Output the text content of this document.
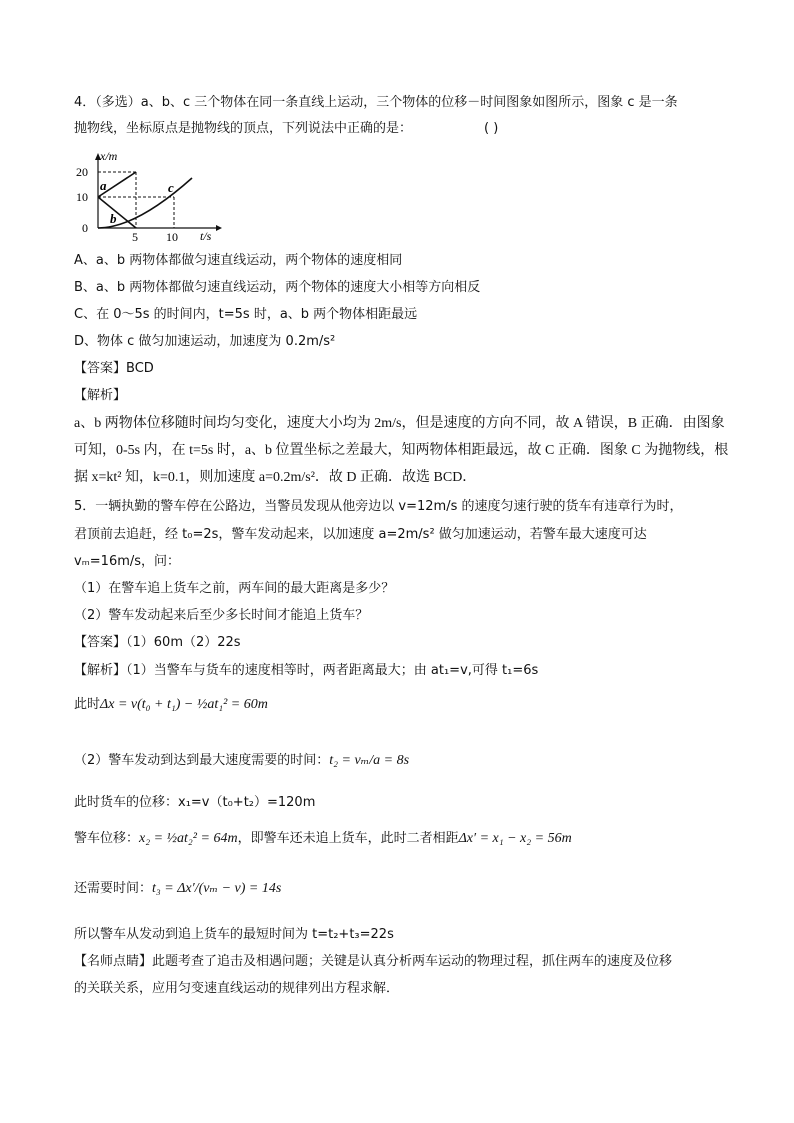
4．（多选）a、b、c 三个物体在同一条直线上运动，三个物体的位移－时间图象如图所示，图象 c 是一条
抛物线，坐标原点是抛物线的顶点，下列说法中正确的是：	( )
x/m
t/s
20
10
0
5 10
a
b
c
A、a、b 两物体都做匀速直线运动，两个物体的速度相同
B、a、b 两物体都做匀速直线运动，两个物体的速度大小相等方向相反
C、在 0～5s 的时间内，t=5s 时，a、b 两个物体相距最远
D、物体 c 做匀加速运动，加速度为 0.2m/s²
【答案】BCD
【解析】
a、b 两物体位移随时间均匀变化，速度大小均为 2m/s，但是速度的方向不同，故 A 错误，B 正确．由图象
可知，0-5s 内，在 t=5s 时，a、b 位置坐标之差最大，知两物体相距最远，故 C 正确．图象 C 为抛物线，根
据 x=kt² 知，k=0.1，则加速度 a=0.2m/s²．故 D 正确．故选 BCD．
5．一辆执勤的警车停在公路边，当警员发现从他旁边以 v=12m/s 的速度匀速行驶的货车有违章行为时，
君顶前去追赶，经 t₀=2s，警车发动起来，以加速度 a=2m/s² 做匀加速运动，若警车最大速度可达
vₘ=16m/s，问：
（1）在警车追上货车之前，两车间的最大距离是多少？
（2）警车发动起来后至少多长时间才能追上货车？
【答案】（1）60m（2）22s
【解析】（1）当警车与货车的速度相等时，两者距离最大；由 at₁=v,可得 t₁=6s
此时Δx = v(t₀ + t₁) − ½at₁² = 60m
（2）警车发动到达到最大速度需要的时间：t₂ = vₘ/a = 8s
此时货车的位移：x₁=v（t₀+t₂）=120m
警车位移：x₂ = ½at₂² = 64m，即警车还未追上货车，此时二者相距Δx′ = x₁ − x₂ = 56m
还需要时间：t₃ = Δx′/(vₘ − v) = 14s
所以警车从发动到追上货车的最短时间为 t=t₂+t₃=22s
【名师点睛】此题考查了追击及相遇问题；关键是认真分析两车运动的物理过程，抓住两车的速度及位移
的关联关系，应用匀变速直线运动的规律列出方程求解．
